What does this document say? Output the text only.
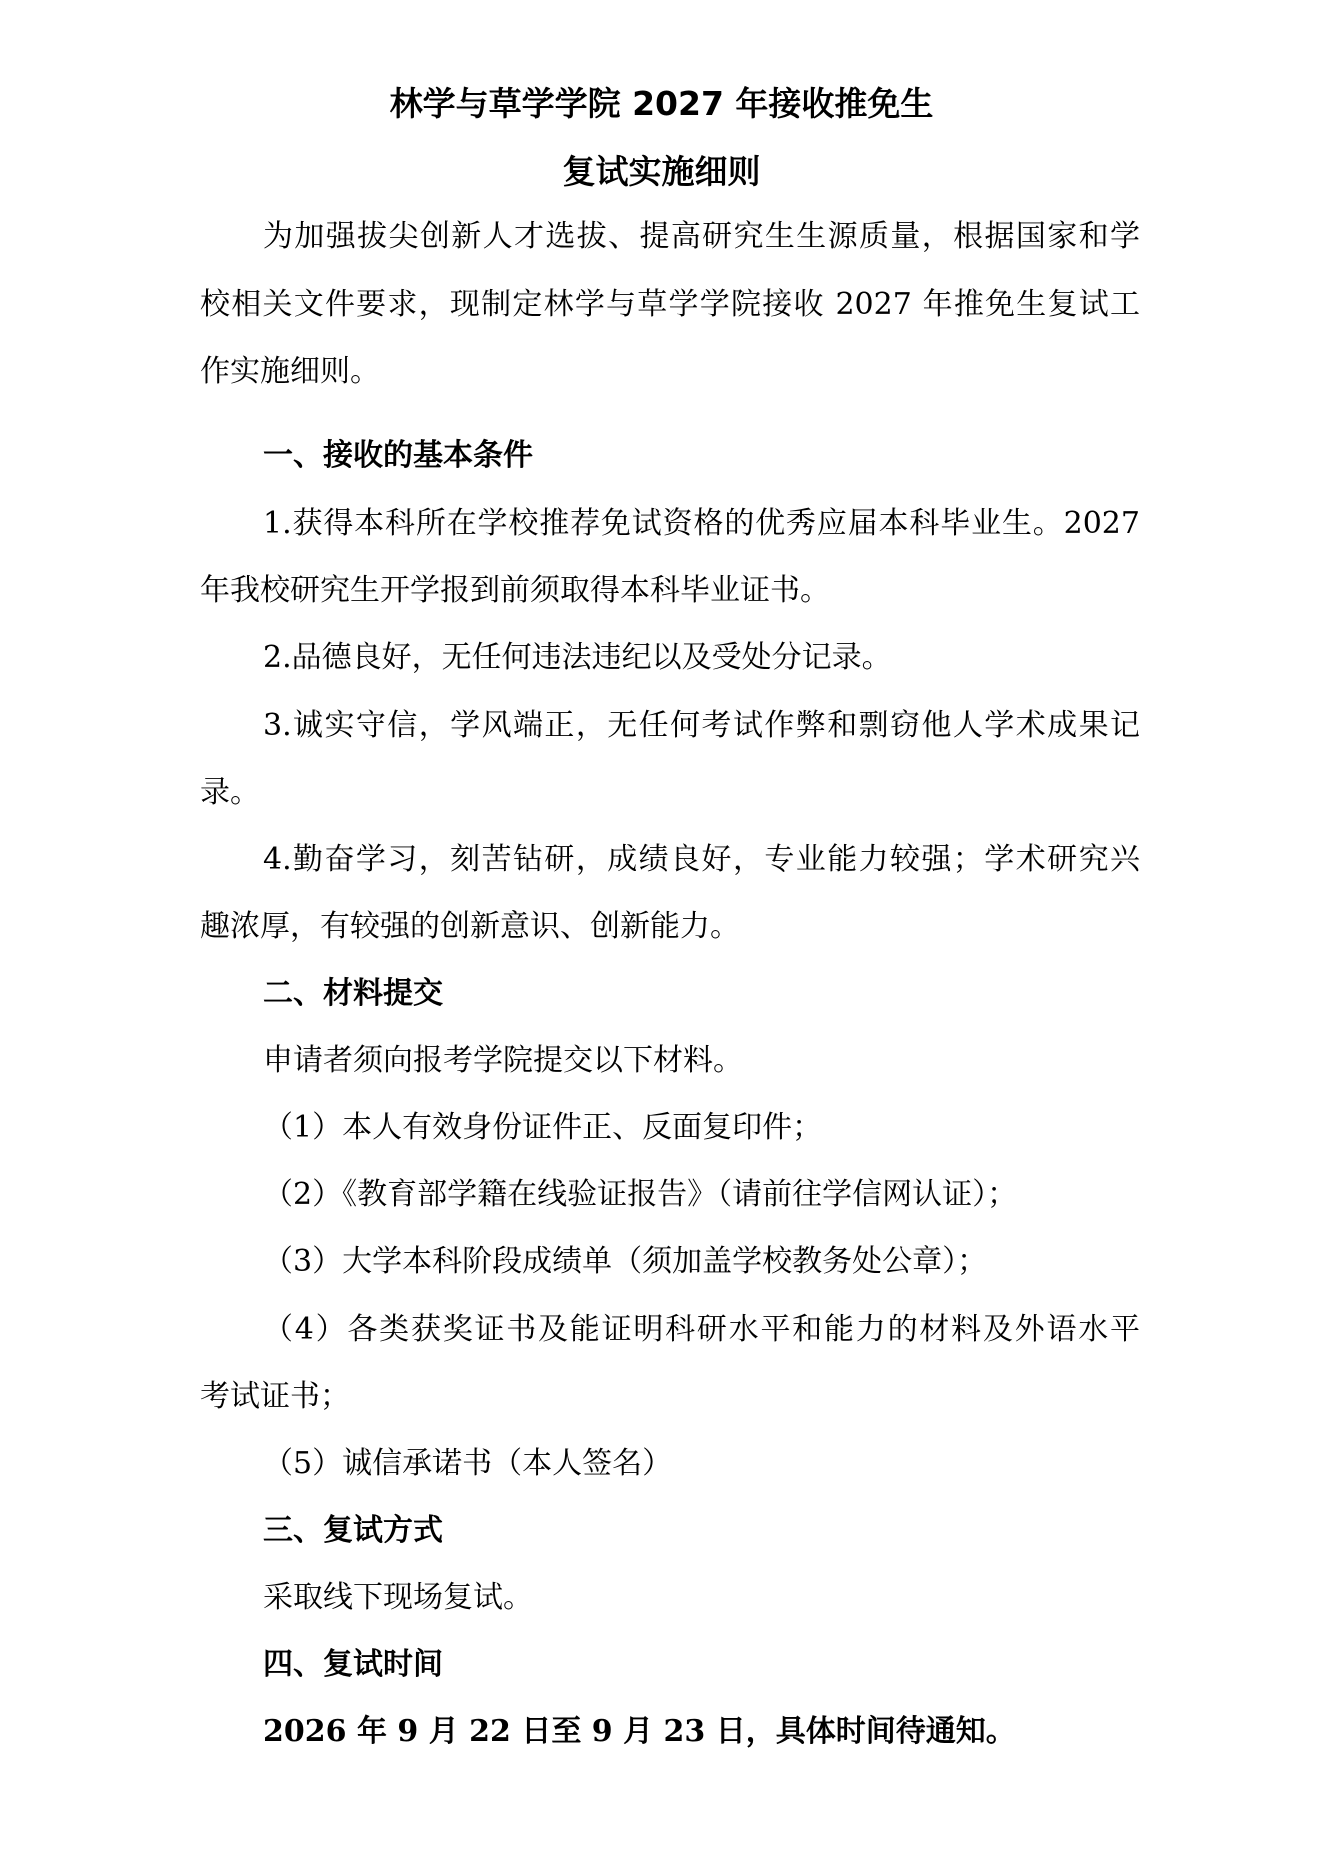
林学与草学学院 2027 年接收推免生
复试实施细则

为加强拔尖创新人才选拔、提高研究生生源质量，根据国家和学

校相关文件要求，现制定林学与草学学院接收 2027 年推免生复试工

作实施细则。

一、接收的基本条件

1.获得本科所在学校推荐免试资格的优秀应届本科毕业生。2027

年我校研究生开学报到前须取得本科毕业证书。

2.品德良好，无任何违法违纪以及受处分记录。

3.诚实守信，学风端正，无任何考试作弊和剽窃他人学术成果记

录。

4.勤奋学习，刻苦钻研，成绩良好，专业能力较强；学术研究兴

趣浓厚，有较强的创新意识、创新能力。

二、材料提交

申请者须向报考学院提交以下材料。

（1）本人有效身份证件正、反面复印件；

（2）《教育部学籍在线验证报告》（请前往学信网认证）；

（3）大学本科阶段成绩单（须加盖学校教务处公章）；

（4）各类获奖证书及能证明科研水平和能力的材料及外语水平

考试证书；

（5）诚信承诺书（本人签名）

三、复试方式

采取线下现场复试。

四、复试时间

2026 年 9 月 22 日至 9 月 23 日，具体时间待通知。
